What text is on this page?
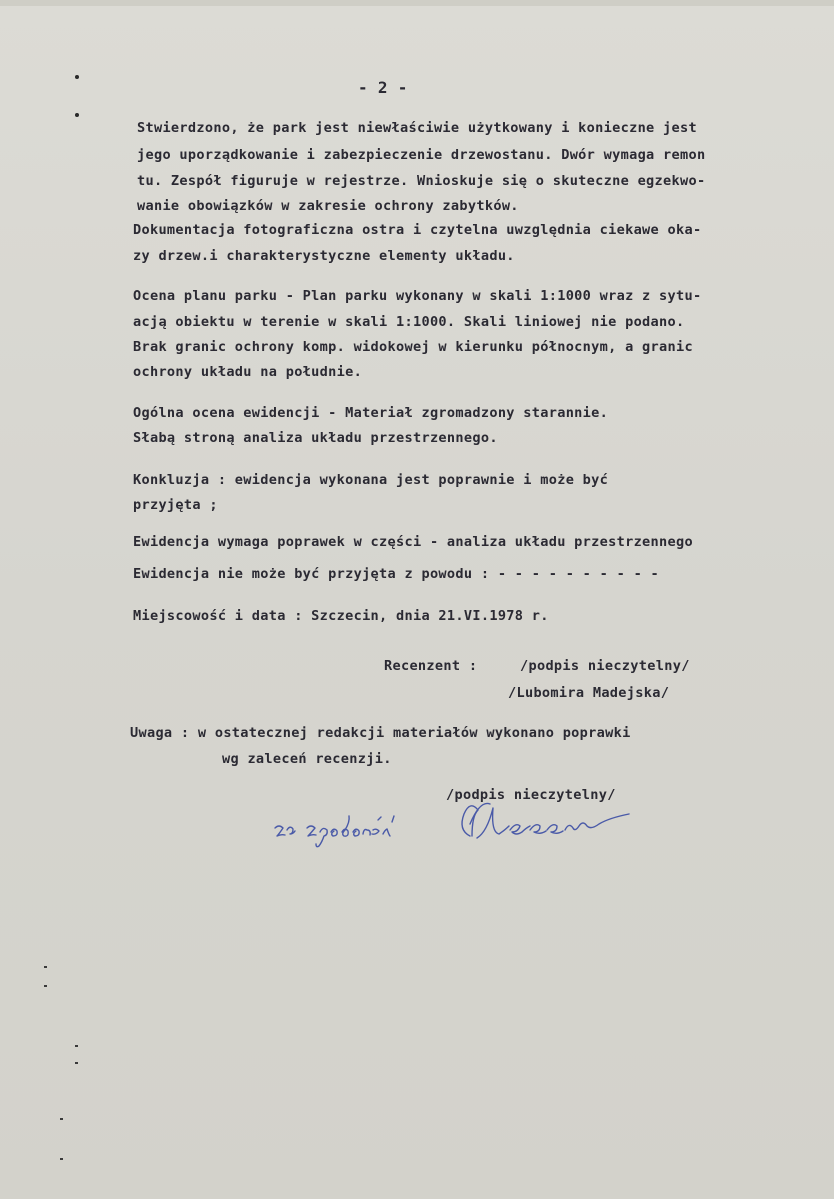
- 2 -
Stwierdzono, że park jest niewłaściwie użytkowany i konieczne jest
jego uporządkowanie i zabezpieczenie drzewostanu. Dwór wymaga remon
tu. Zespół figuruje w rejestrze. Wnioskuje się o skuteczne egzekwo-
wanie obowiązków w zakresie ochrony zabytków.
Dokumentacja fotograficzna ostra i czytelna uwzględnia ciekawe oka-
zy drzew.i charakterystyczne elementy układu.
Ocena planu parku - Plan parku wykonany w skali 1:1000 wraz z sytu-
acją obiektu w terenie w skali 1:1000. Skali liniowej nie podano.
Brak granic ochrony komp. widokowej w kierunku północnym, a granic
ochrony układu na południe.
Ogólna ocena ewidencji - Materiał zgromadzony starannie.
Słabą stroną analiza układu przestrzennego.
Konkluzja : ewidencja wykonana jest poprawnie i może być
przyjęta ;
Ewidencja wymaga poprawek w części - analiza układu przestrzennego
Ewidencja nie może być przyjęta z powodu : - - - - - - - - - -
Miejscowość i data : Szczecin, dnia 21.VI.1978 r.
Recenzent :	/podpis nieczytelny/
/Lubomira Madejska/
Uwaga : w ostatecznej redakcji materiałów wykonano poprawki
wg zaleceń recenzji.
/podpis nieczytelny/
